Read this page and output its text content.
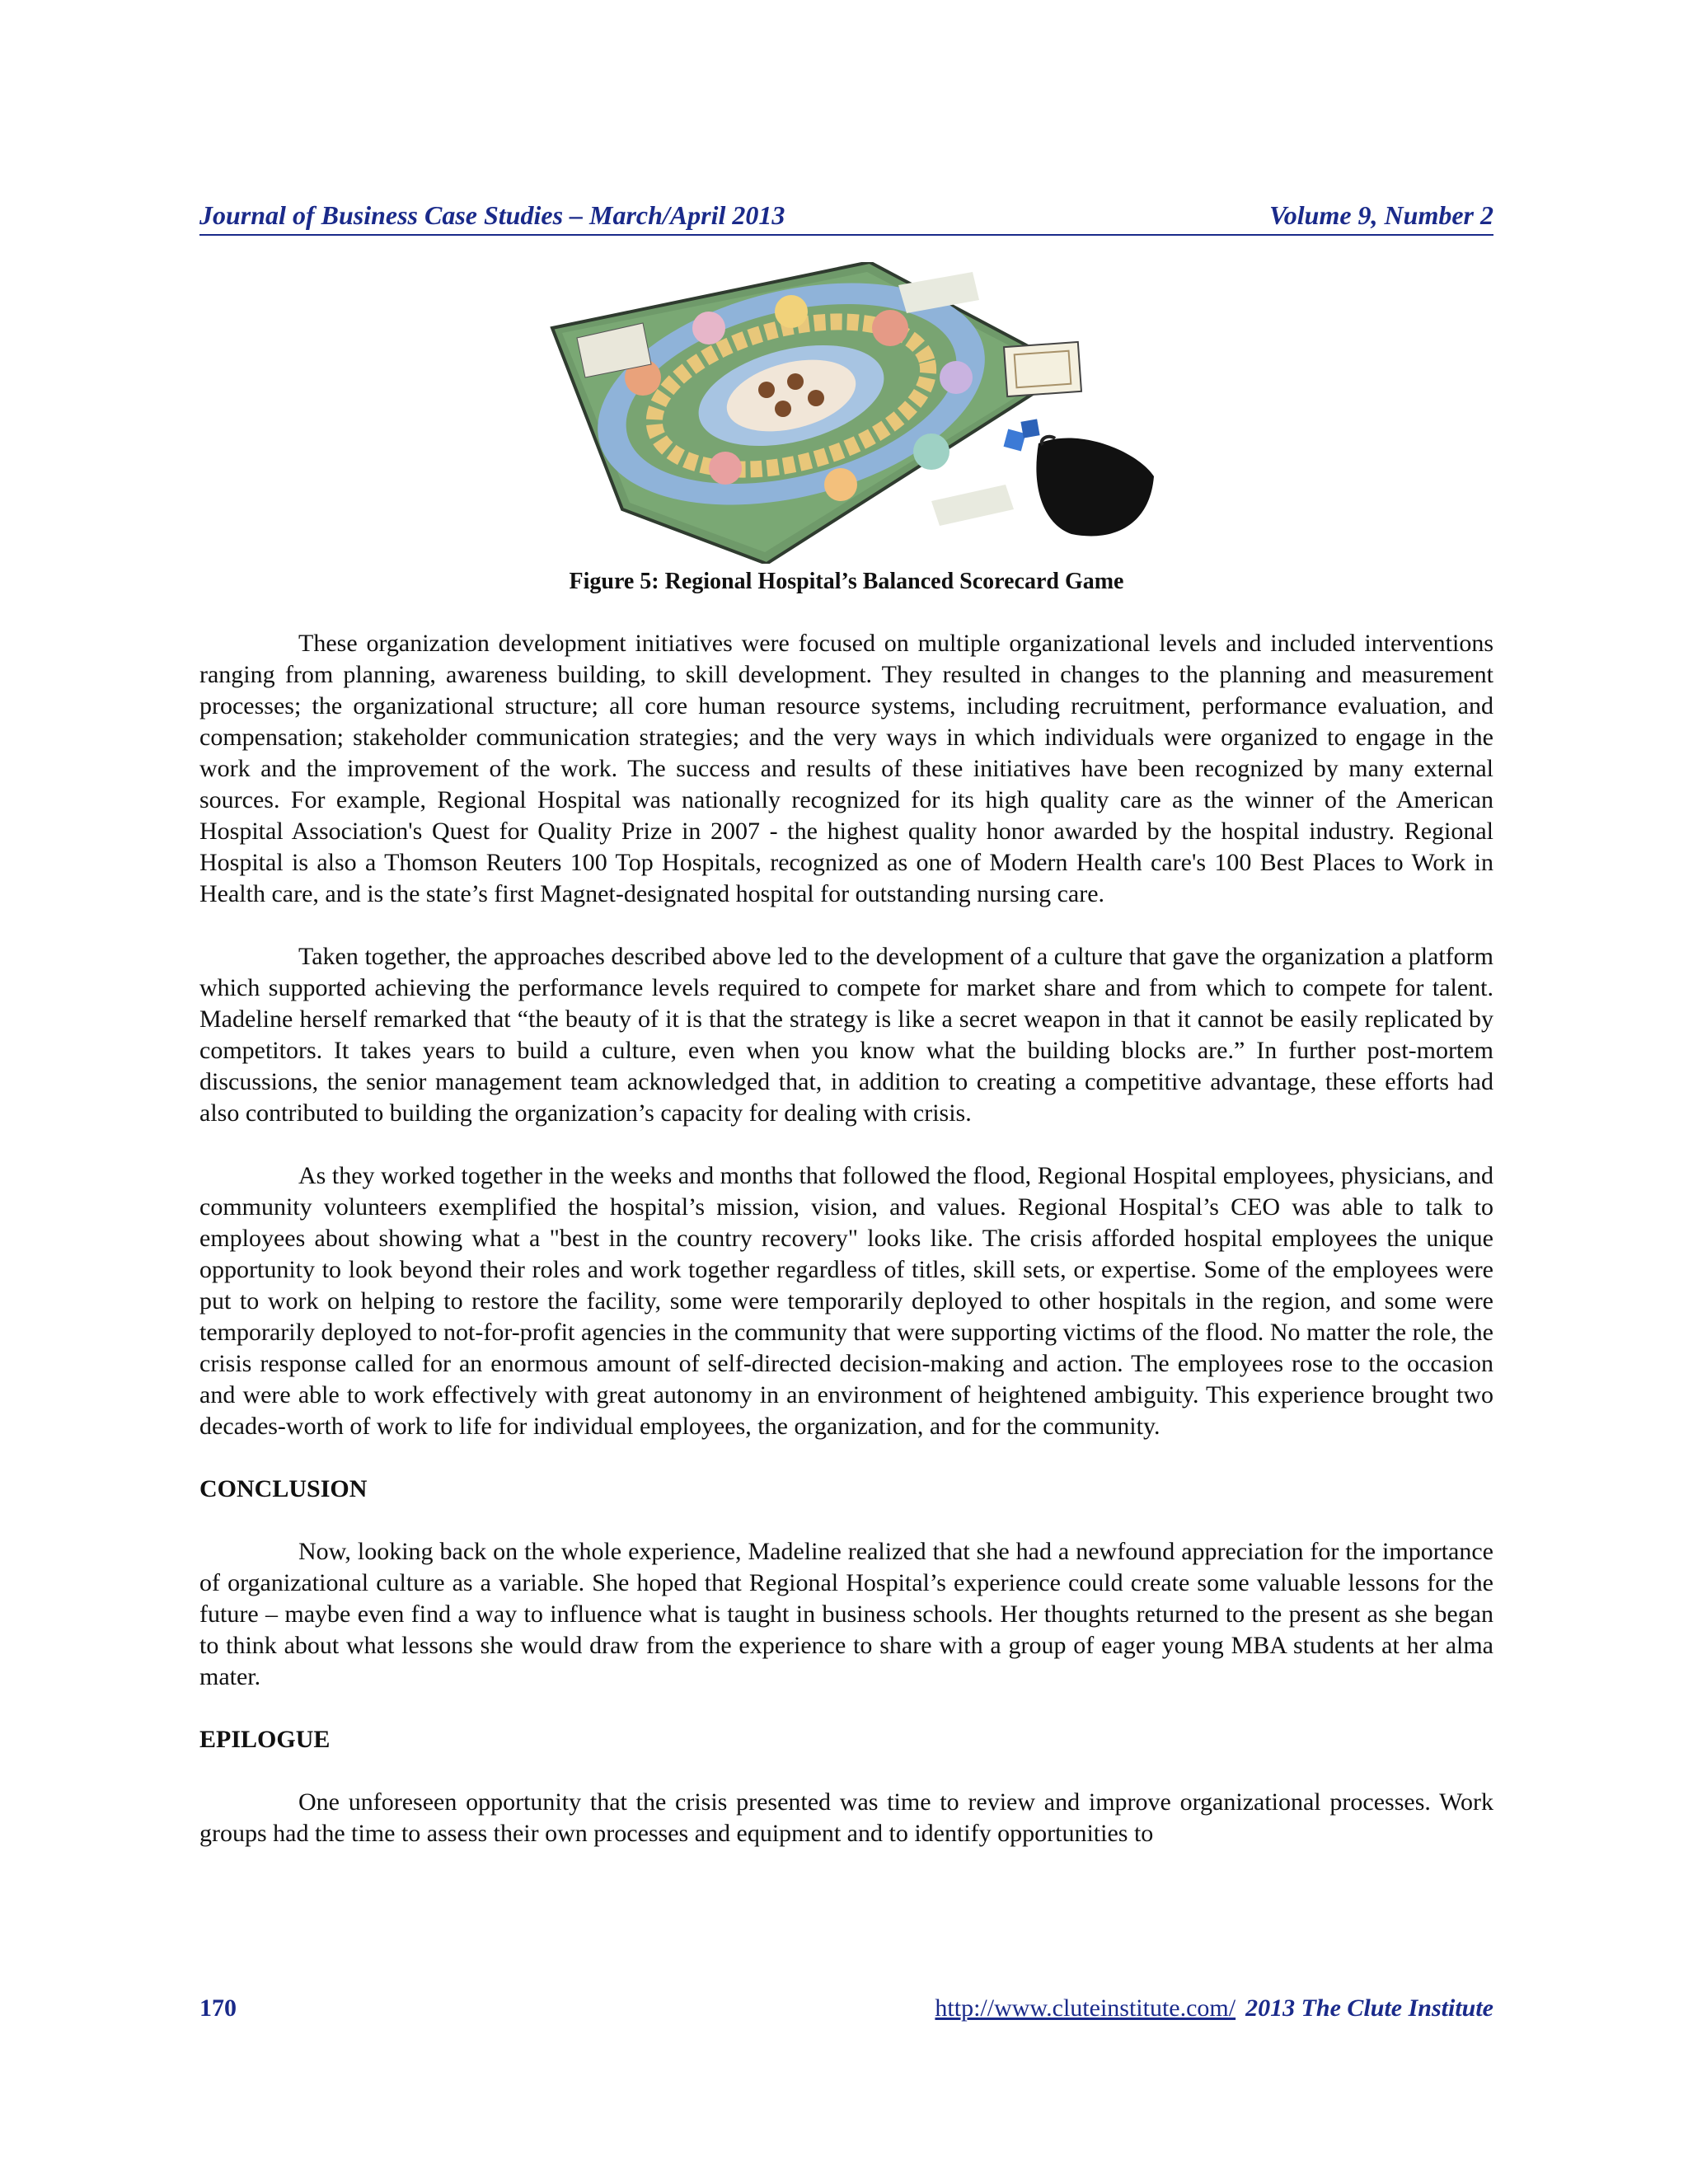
Journal of Business Case Studies – March/April 2013	Volume 9, Number 2
Figure 5: Regional Hospital’s Balanced Scorecard Game

These organization development initiatives were focused on multiple organizational levels and included interventions ranging from planning, awareness building, to skill development. They resulted in changes to the planning and measurement processes; the organizational structure; all core human resource systems, including recruitment, performance evaluation, and compensation; stakeholder communication strategies; and the very ways in which individuals were organized to engage in the work and the improvement of the work. The success and results of these initiatives have been recognized by many external sources. For example, Regional Hospital was nationally recognized for its high quality care as the winner of the American Hospital Association's Quest for Quality Prize in 2007 - the highest quality honor awarded by the hospital industry. Regional Hospital is also a Thomson Reuters 100 Top Hospitals, recognized as one of Modern Health care's 100 Best Places to Work in Health care, and is the state’s first Magnet-designated hospital for outstanding nursing care.

Taken together, the approaches described above led to the development of a culture that gave the organization a platform which supported achieving the performance levels required to compete for market share and from which to compete for talent. Madeline herself remarked that “the beauty of it is that the strategy is like a secret weapon in that it cannot be easily replicated by competitors. It takes years to build a culture, even when you know what the building blocks are.” In further post-mortem discussions, the senior management team acknowledged that, in addition to creating a competitive advantage, these efforts had also contributed to building the organization’s capacity for dealing with crisis.

As they worked together in the weeks and months that followed the flood, Regional Hospital employees, physicians, and community volunteers exemplified the hospital’s mission, vision, and values. Regional Hospital’s CEO was able to talk to employees about showing what a "best in the country recovery" looks like. The crisis afforded hospital employees the unique opportunity to look beyond their roles and work together regardless of titles, skill sets, or expertise. Some of the employees were put to work on helping to restore the facility, some were temporarily deployed to other hospitals in the region, and some were temporarily deployed to not-for-profit agencies in the community that were supporting victims of the flood. No matter the role, the crisis response called for an enormous amount of self-directed decision-making and action. The employees rose to the occasion and were able to work effectively with great autonomy in an environment of heightened ambiguity. This experience brought two decades-worth of work to life for individual employees, the organization, and for the community.

CONCLUSION

Now, looking back on the whole experience, Madeline realized that she had a newfound appreciation for the importance of organizational culture as a variable. She hoped that Regional Hospital’s experience could create some valuable lessons for the future – maybe even find a way to influence what is taught in business schools. Her thoughts returned to the present as she began to think about what lessons she would draw from the experience to share with a group of eager young MBA students at her alma mater.

EPILOGUE

One unforeseen opportunity that the crisis presented was time to review and improve organizational processes. Work groups had the time to assess their own processes and equipment and to identify opportunities to

170	http://www.cluteinstitute.com/ 2013 The Clute Institute
